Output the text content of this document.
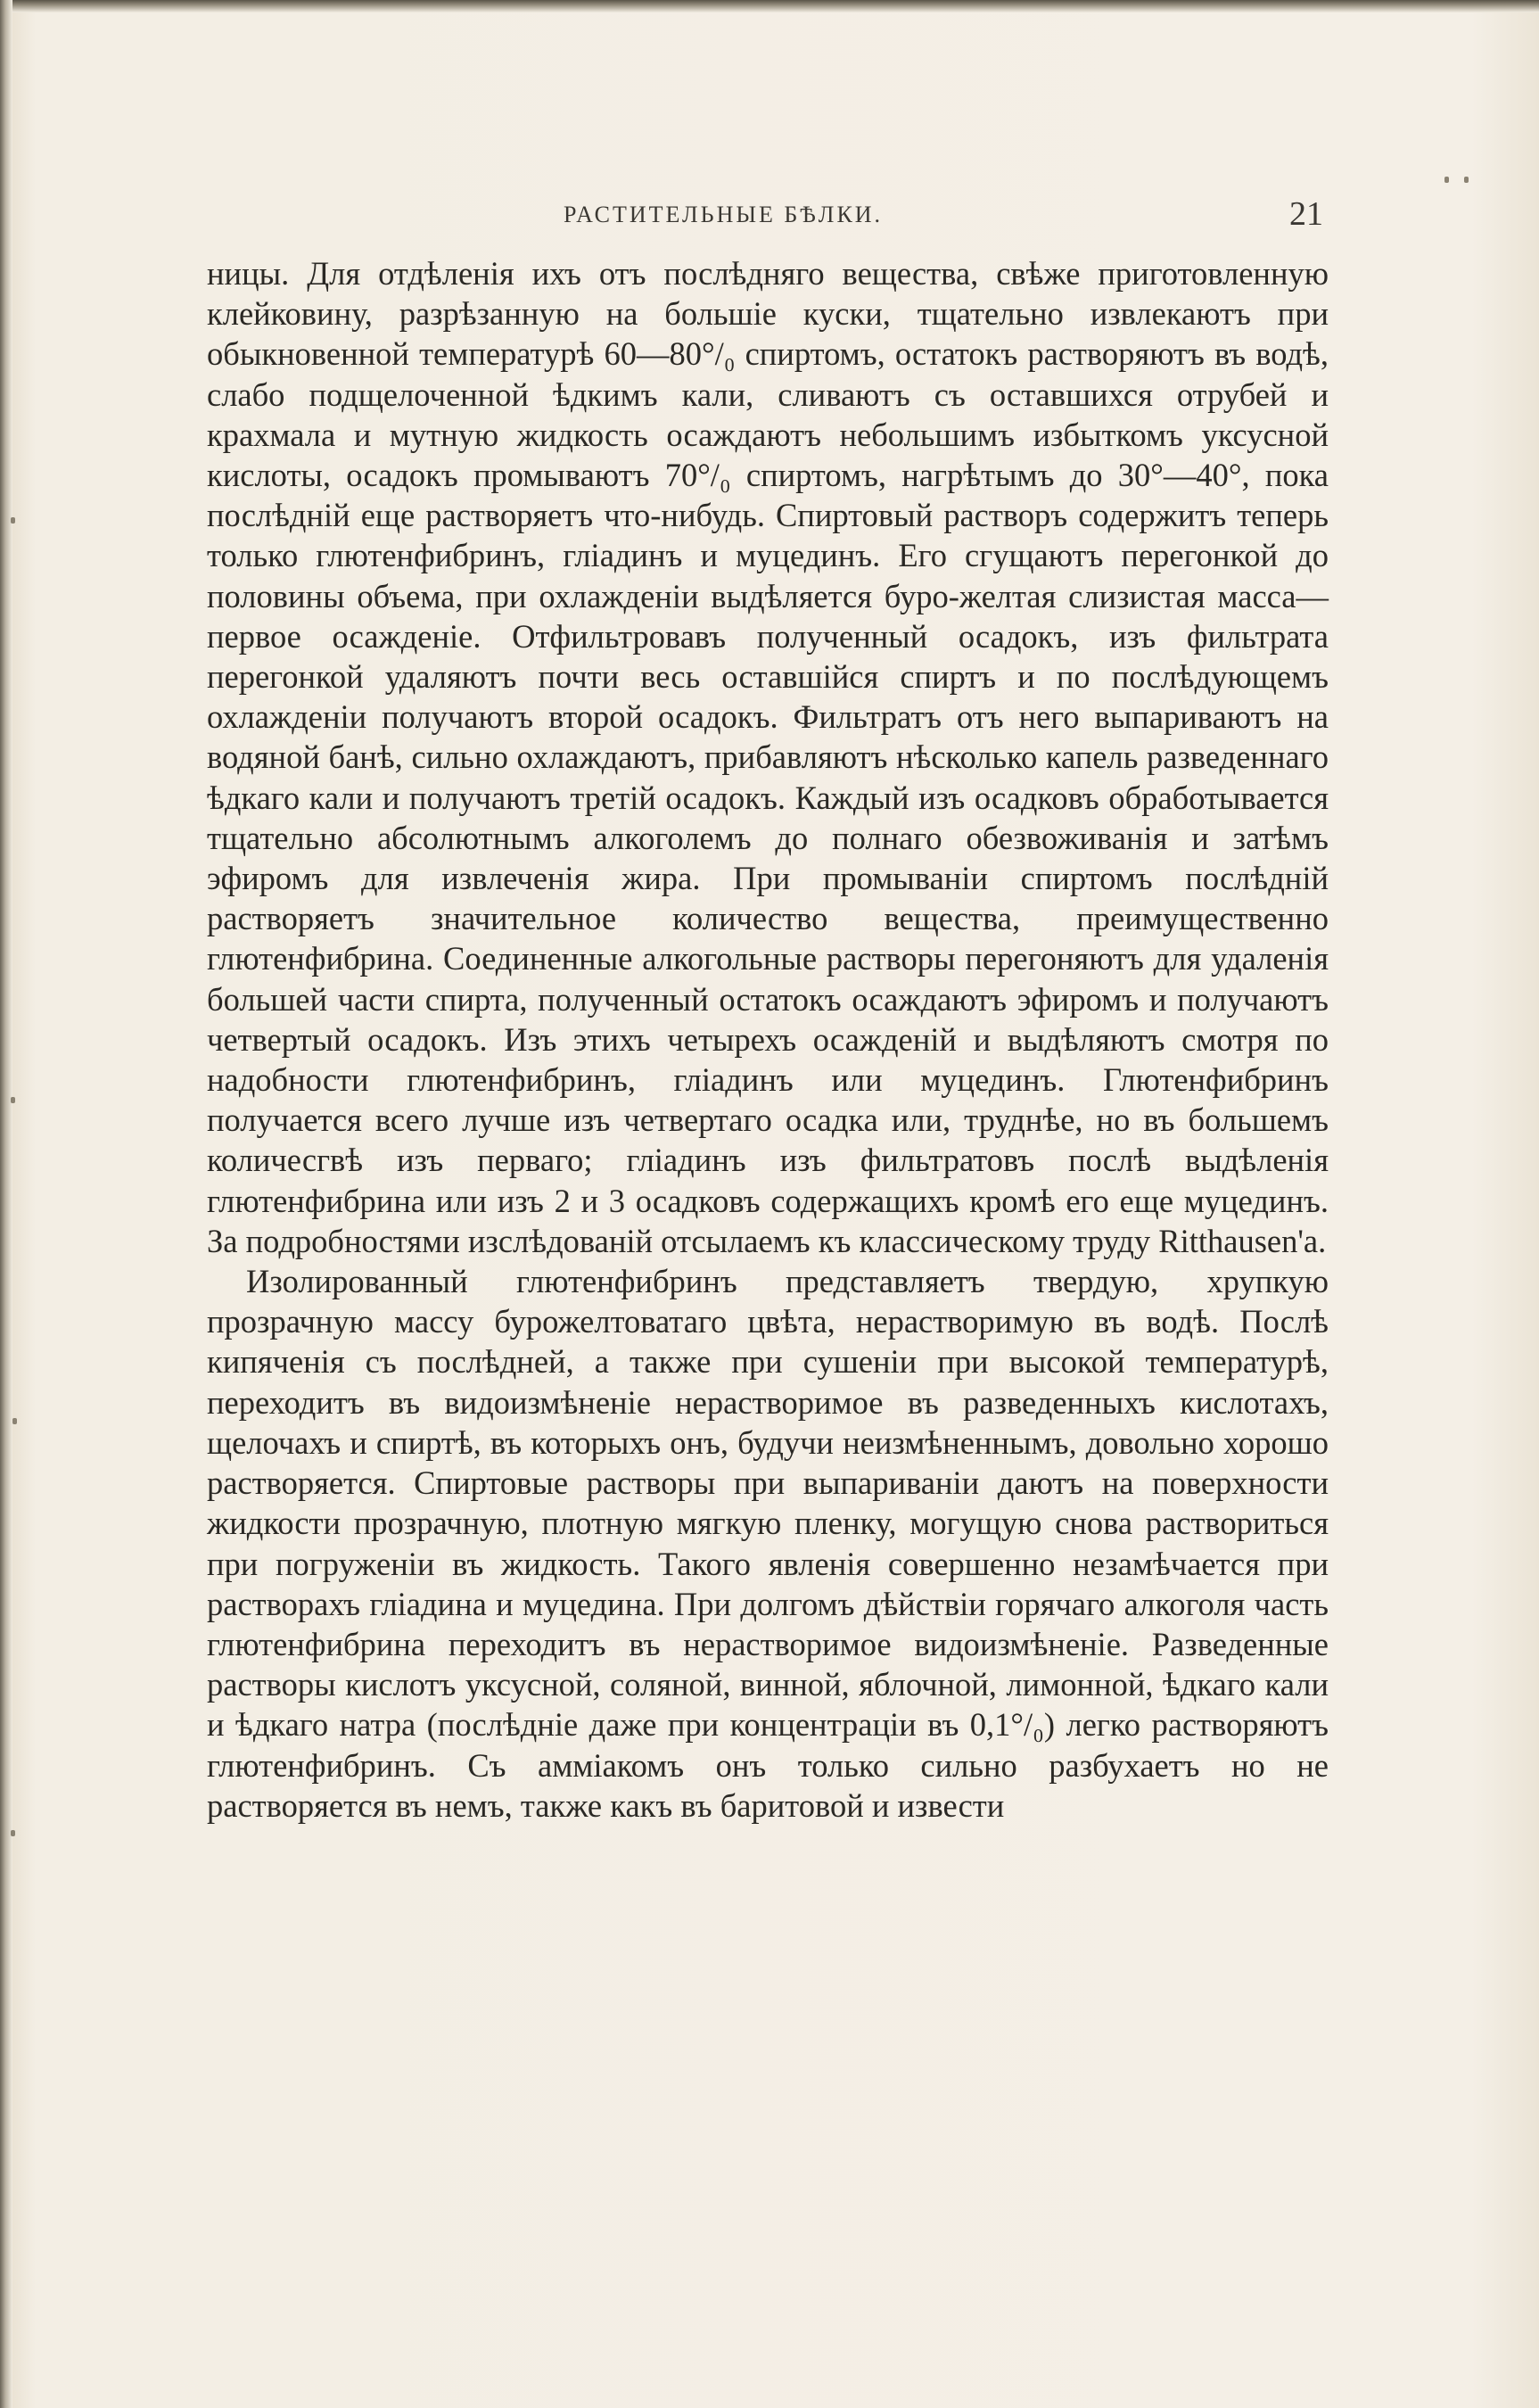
РАСТИТЕЛЬНЫЕ БѢЛКИ.	21

ницы. Для отдѣленія ихъ отъ послѣдняго вещества, свѣже приготовленную клейковину, разрѣзанную на большіе куски, тщательно извлекаютъ при обыкновенной температурѣ 60—80°/₀ спиртомъ, остатокъ растворяютъ въ водѣ, слабо подщелоченной ѣдкимъ кали, сливаютъ съ оставшихся отрубей и крахмала и мутную жидкость осаждаютъ небольшимъ избыткомъ уксусной кислоты, осадокъ промываютъ 70°/₀ спиртомъ, нагрѣтымъ до 30°—40°, пока послѣдній еще растворяетъ что-нибудь. Спиртовый растворъ содержитъ теперь только глютенфибринъ, гліадинъ и муцединъ. Его сгущаютъ перегонкой до половины объема, при охлажденіи выдѣляется буро-желтая слизистая масса—первое осажденіе. Отфильтровавъ полученный осадокъ, изъ фильтрата перегонкой удаляютъ почти весь оставшійся спиртъ и по послѣдующемъ охлажденіи получаютъ второй осадокъ. Фильтратъ отъ него выпариваютъ на водяной банѣ, сильно охлаждаютъ, прибавляютъ нѣсколько капель разведеннаго ѣдкаго кали и получаютъ третій осадокъ. Каждый изъ осадковъ обработывается тщательно абсолютнымъ алкоголемъ до полнаго обезвоживанія и затѣмъ эфиромъ для извлеченія жира. При промываніи спиртомъ послѣдній растворяетъ значительное количество вещества, преимущественно глютенфибрина. Соединенные алкогольные растворы перегоняютъ для удаленія большей части спирта, полученный остатокъ осаждаютъ эфиромъ и получаютъ четвертый осадокъ. Изъ этихъ четырехъ осажденій и выдѣляютъ смотря по надобности глютенфибринъ, гліадинъ или муцединъ. Глютенфибринъ получается всего лучше изъ четвертаго осадка или, труднѣе, но въ большемъ количесгвѣ изъ перваго; гліадинъ изъ фильтратовъ послѣ выдѣленія глютенфибрина или изъ 2 и 3 осадковъ содержащихъ кромѣ его еще муцединъ. За подробностями изслѣдованій отсылаемъ къ классическому труду Ritthausen'а.

Изолированный глютенфибринъ представляетъ твердую, хрупкую прозрачную массу бурожелтоватаго цвѣта, нерастворимую въ водѣ. Послѣ кипяченія съ послѣдней, а также при сушеніи при высокой температурѣ, переходитъ въ видоизмѣненіе нерастворимое въ разведенныхъ кислотахъ, щелочахъ и спиртѣ, въ которыхъ онъ, будучи неизмѣненнымъ, довольно хорошо растворяется. Спиртовые растворы при выпариваніи даютъ на поверхности жидкости прозрачную, плотную мягкую пленку, могущую снова раствориться при погруженіи въ жидкость. Такого явленія совершенно незамѣчается при растворахъ гліадина и муцедина. При долгомъ дѣйствіи горячаго алкоголя часть глютенфибрина переходитъ въ нерастворимое видоизмѣненіе. Разведенные растворы кислотъ уксусной, соляной, винной, яблочной, лимонной, ѣдкаго кали и ѣдкаго натра (послѣдніе даже при концентраціи въ 0,1°/₀) легко растворяютъ глютенфибринъ. Съ амміакомъ онъ только сильно разбухаетъ но не растворяется въ немъ, также какъ въ баритовой и извести
